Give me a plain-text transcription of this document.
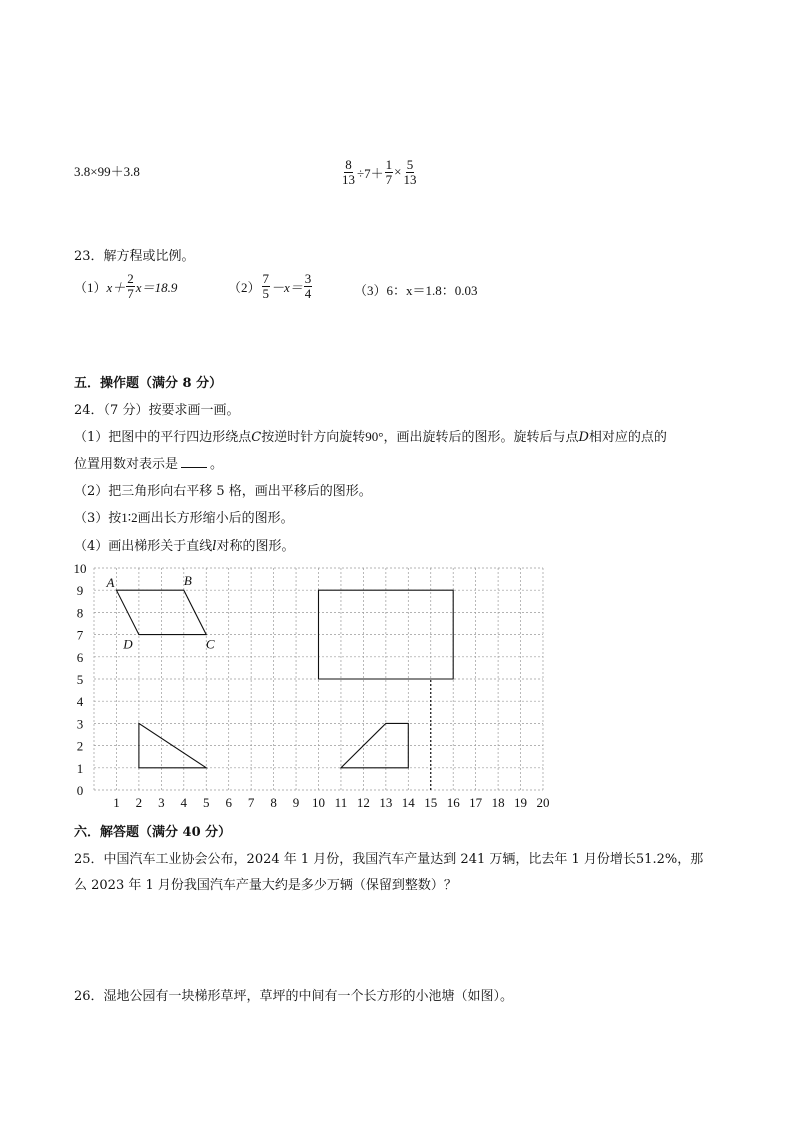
3.8×99＋3.8	$\frac{8}{13} \div 7+ \frac{1}{7} \times \frac{5}{13}$
23．解方程或比例。
（1） $x+ \frac{2}{7} x=18.9$	$(2) \frac{7}{5} -x= \frac{3}{4}$	（3） 6：x＝1.8：0.03
五．操作题（满分 8 分）
24．（7 分）按要求画一画。
（1）把图中的平行四边形绕点C按逆时针方向旋转90°，画出旋转后的图形。旋转后与点D相对应的点的
位置用数对表示是 。
（2）把三角形向右平移 5 格，画出平移后的图形。
（3）按1∶2画出长方形缩小后的图形。
（4）画出梯形关于直线l对称的图形。
1 2 3 4 5 6 7 8 9 10 11 12 13 14 15 16 17 18 19 20
0
1
2
3
4
5
6
7
8
9
10
A	B
C
D
六．解答题（满分 40 分）
25．中国汽车工业协会公布，2024 年 1 月份，我国汽车产量达到 241 万辆，比去年 1 月份增长51.2%，那
么 2023 年 1 月份我国汽车产量大约是多少万辆（保留到整数）？
26．湿地公园有一块梯形草坪，草坪的中间有一个长方形的小池塘（如图）。
